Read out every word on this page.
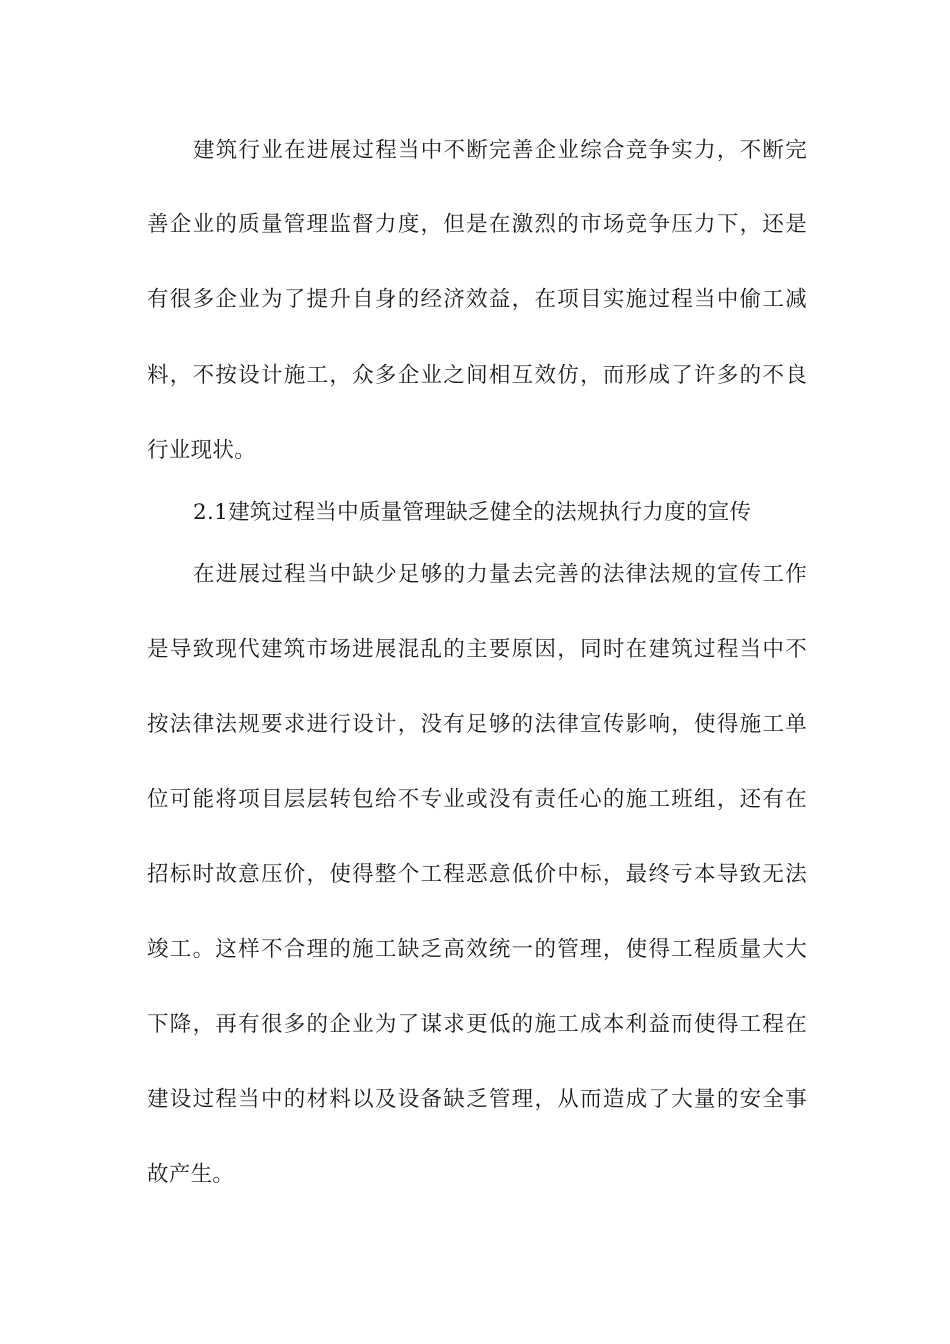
建筑行业在进展过程当中不断完善企业综合竞争实力，不断完
善企业的质量管理监督力度，但是在激烈的市场竞争压力下，还是
有很多企业为了提升自身的经济效益，在项目实施过程当中偷工减
料，不按设计施工，众多企业之间相互效仿，而形成了许多的不良
行业现状。
2.1建筑过程当中质量管理缺乏健全的法规执行力度的宣传
在进展过程当中缺少足够的力量去完善的法律法规的宣传工作
是导致现代建筑市场进展混乱的主要原因，同时在建筑过程当中不
按法律法规要求进行设计，没有足够的法律宣传影响，使得施工单
位可能将项目层层转包给不专业或没有责任心的施工班组，还有在
招标时故意压价，使得整个工程恶意低价中标，最终亏本导致无法
竣工。这样不合理的施工缺乏高效统一的管理，使得工程质量大大
下降，再有很多的企业为了谋求更低的施工成本利益而使得工程在
建设过程当中的材料以及设备缺乏管理，从而造成了大量的安全事
故产生。
